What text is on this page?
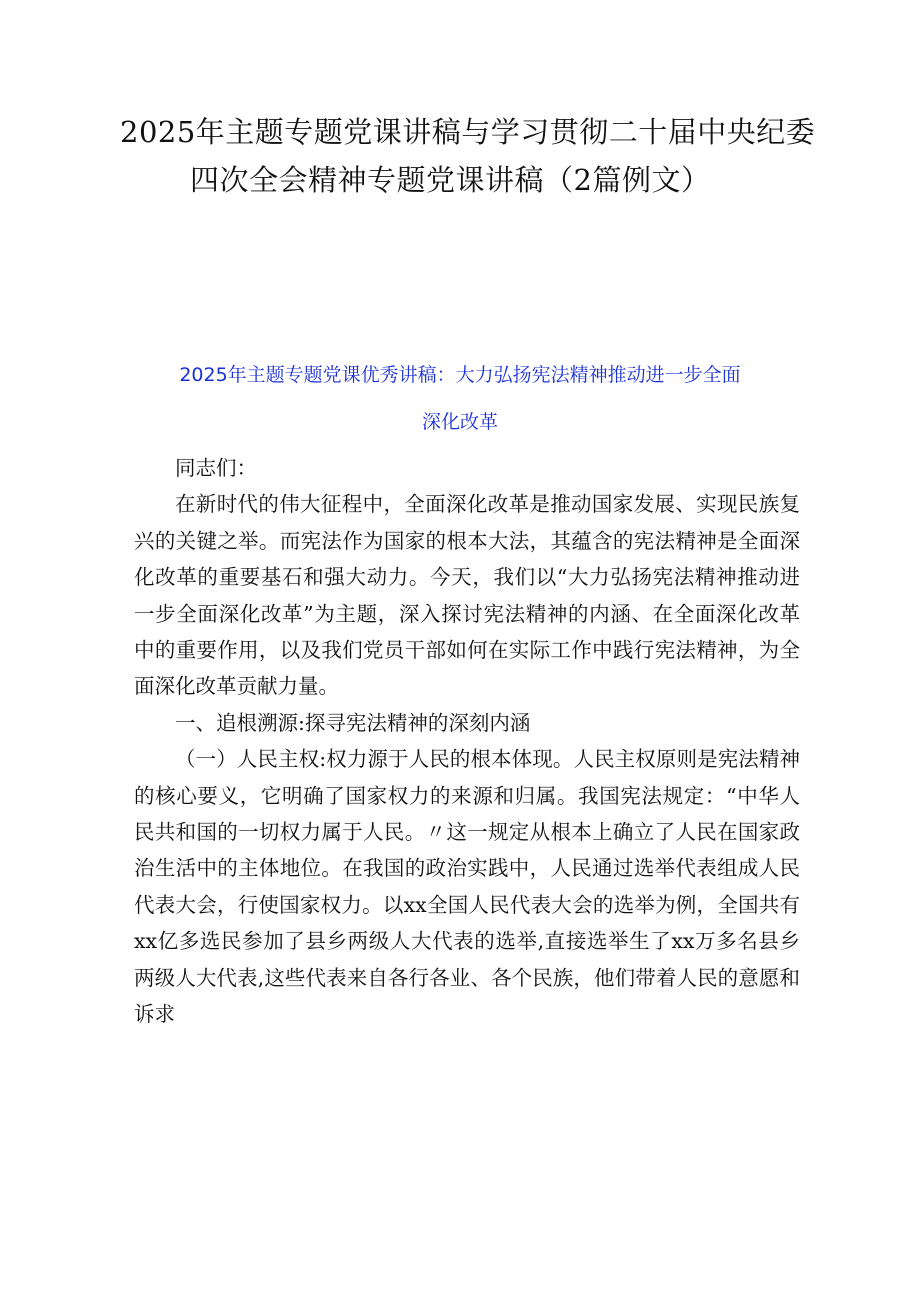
2025年主题专题党课讲稿与学习贯彻二十届中央纪委
四次全会精神专题党课讲稿（2篇例文）
2025年主题专题党课优秀讲稿：大力弘扬宪法精神推动进一步全面
深化改革

同志们：

在新时代的伟大征程中，全面深化改革是推动国家发展、实现民族复兴的关键之举。而宪法作为国家的根本大法，其蕴含的宪法精神是全面深化改革的重要基石和强大动力。今天，我们以“大力弘扬宪法精神推动进一步全面深化改革”为主题，深入探讨宪法精神的内涵、在全面深化改革中的重要作用，以及我们党员干部如何在实际工作中践行宪法精神，为全面深化改革贡献力量。

一、追根溯源:探寻宪法精神的深刻内涵

（一）人民主权:权力源于人民的根本体现。人民主权原则是宪法精神的核心要义，它明确了国家权力的来源和归属。我国宪法规定：“中华人民共和国的一切权力属于人民。〃这一规定从根本上确立了人民在国家政治生活中的主体地位。在我国的政治实践中，人民通过选举代表组成人民代表大会，行使国家权力。以xx全国人民代表大会的选举为例，全国共有xx亿多选民参加了县乡两级人大代表的选举,直接选举生了xx万多名县乡两级人大代表,这些代表来自各行各业、各个民族，他们带着人民的意愿和诉求
